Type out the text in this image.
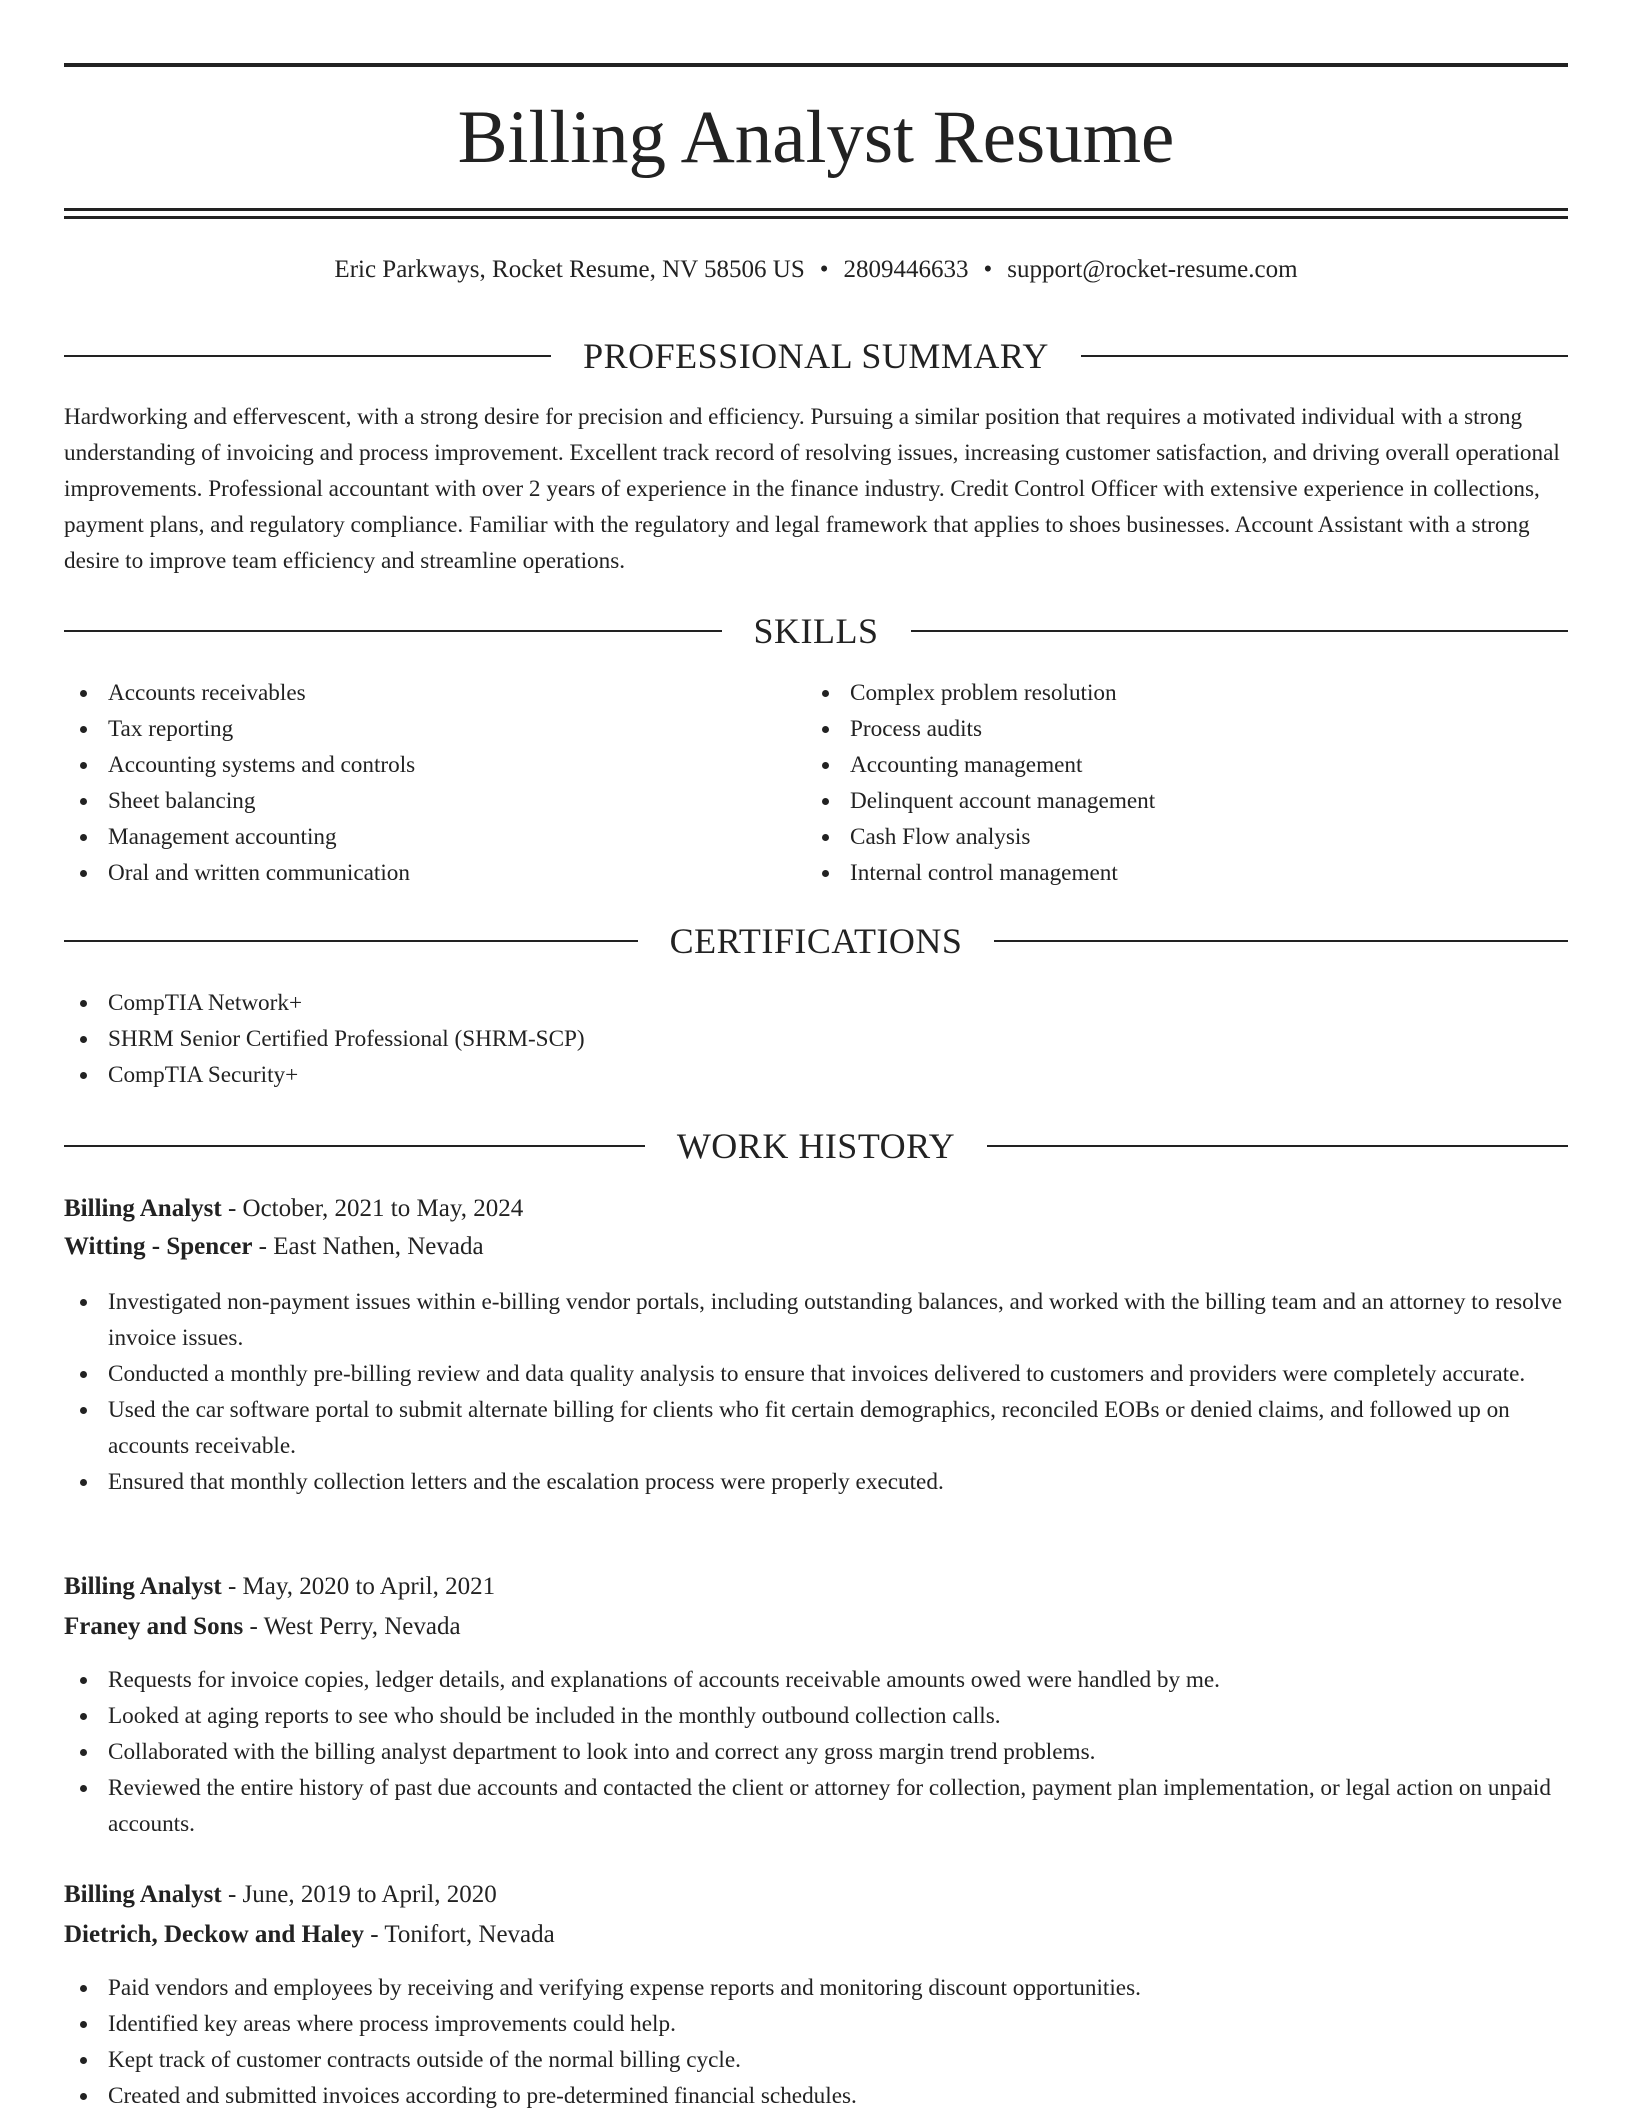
Billing Analyst Resume
Eric Parkways, Rocket Resume, NV 58506 US • 2809446633 • support@rocket-resume.com
PROFESSIONAL SUMMARY

Hardworking and effervescent, with a strong desire for precision and efficiency. Pursuing a similar position that requires a motivated individual with a strong understanding of invoicing and process improvement. Excellent track record of resolving issues, increasing customer satisfaction, and driving overall operational improvements. Professional accountant with over 2 years of experience in the finance industry. Credit Control Officer with extensive experience in collections, payment plans, and regulatory compliance. Familiar with the regulatory and legal framework that applies to shoes businesses. Account Assistant with a strong desire to improve team efficiency and streamline operations.

SKILLS
Accounts receivables
Tax reporting
Accounting systems and controls
Sheet balancing
Management accounting
Oral and written communication
Complex problem resolution
Process audits
Accounting management
Delinquent account management
Cash Flow analysis
Internal control management
CERTIFICATIONS
CompTIA Network+
SHRM Senior Certified Professional (SHRM-SCP)
CompTIA Security+
WORK HISTORY
Billing Analyst - October, 2021 to May, 2024
Witting - Spencer - East Nathen, Nevada
Investigated non-payment issues within e-billing vendor portals, including outstanding balances, and worked with the billing team and an attorney to resolve invoice issues.
Conducted a monthly pre-billing review and data quality analysis to ensure that invoices delivered to customers and providers were completely accurate.
Used the car software portal to submit alternate billing for clients who fit certain demographics, reconciled EOBs or denied claims, and followed up on accounts receivable.
Ensured that monthly collection letters and the escalation process were properly executed.
Billing Analyst - May, 2020 to April, 2021
Franey and Sons - West Perry, Nevada
Requests for invoice copies, ledger details, and explanations of accounts receivable amounts owed were handled by me.
Looked at aging reports to see who should be included in the monthly outbound collection calls.
Collaborated with the billing analyst department to look into and correct any gross margin trend problems.
Reviewed the entire history of past due accounts and contacted the client or attorney for collection, payment plan implementation, or legal action on unpaid accounts.
Billing Analyst - June, 2019 to April, 2020
Dietrich, Deckow and Haley - Tonifort, Nevada
Paid vendors and employees by receiving and verifying expense reports and monitoring discount opportunities.
Identified key areas where process improvements could help.
Kept track of customer contracts outside of the normal billing cycle.
Created and submitted invoices according to pre-determined financial schedules.
